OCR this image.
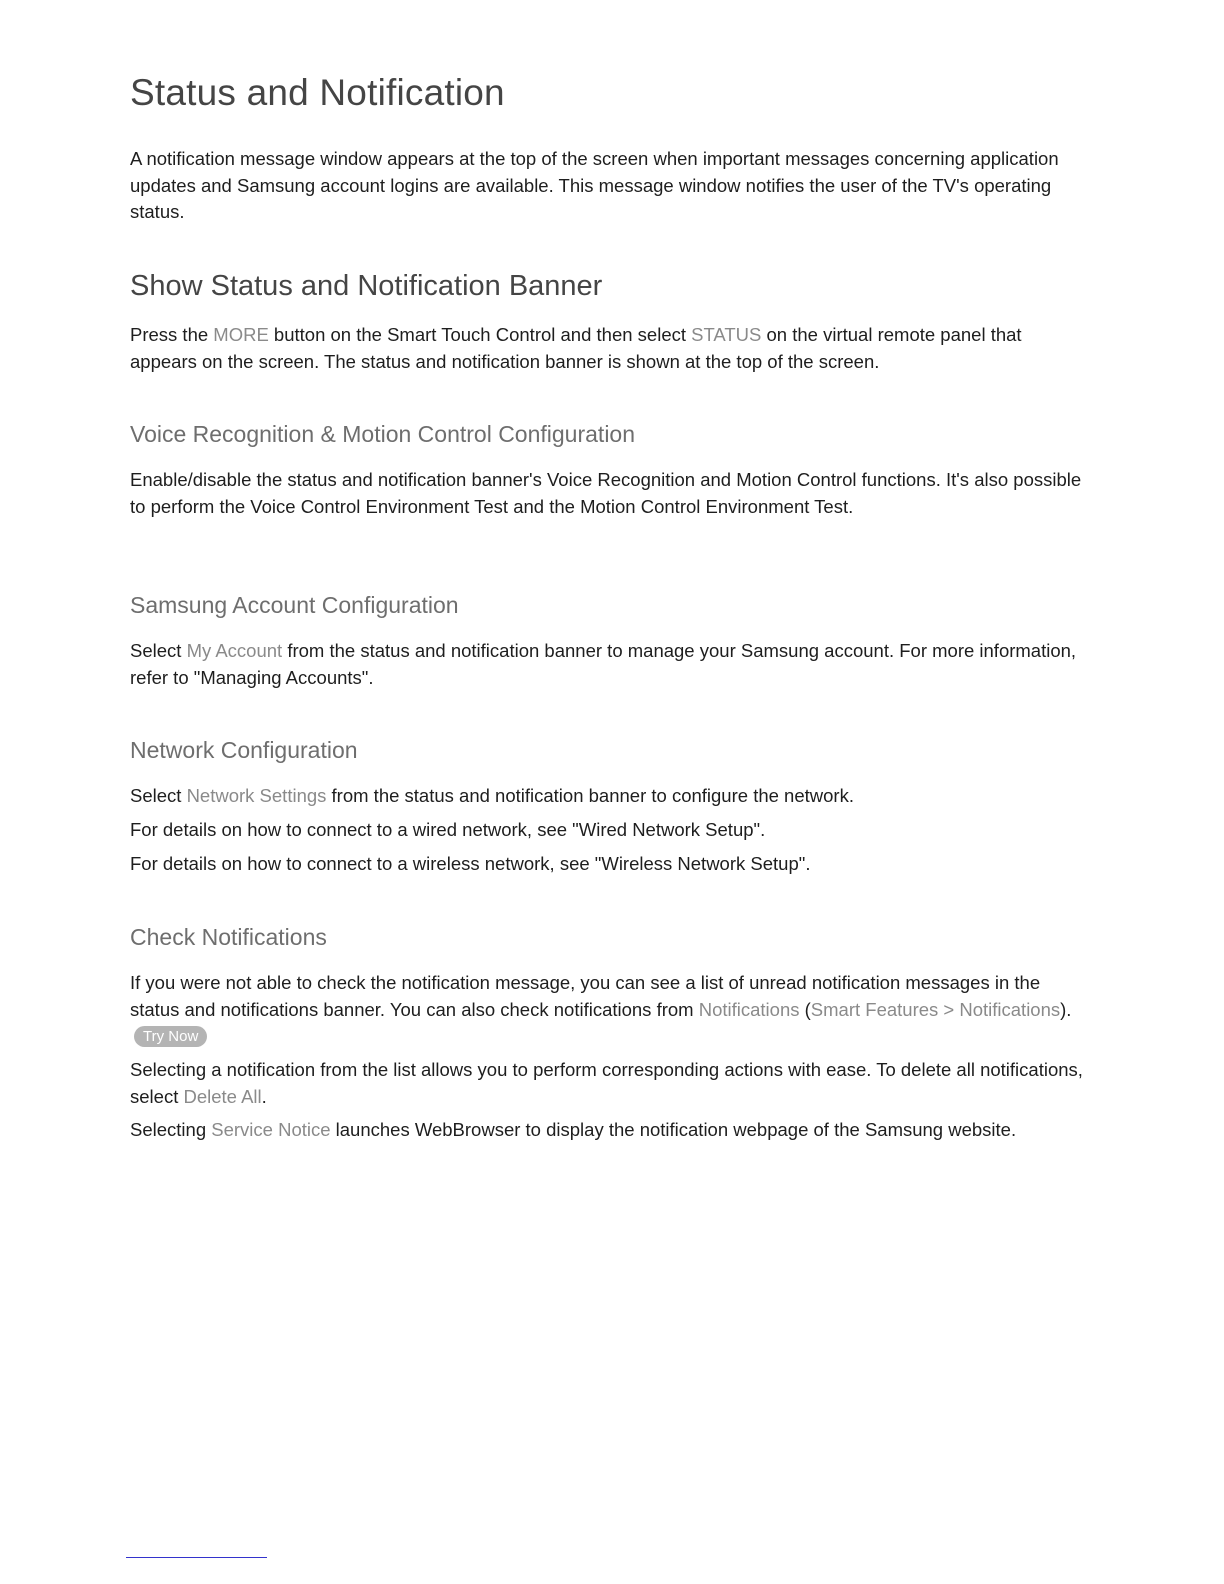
Status and Notification

A notification message window appears at the top of the screen when important messages concerning application updates and Samsung account logins are available. This message window notifies the user of the TV's operating status.

Show Status and Notification Banner

Press the MORE button on the Smart Touch Control and then select STATUS on the virtual remote panel that appears on the screen. The status and notification banner is shown at the top of the screen.

Voice Recognition & Motion Control Configuration

Enable/disable the status and notification banner's Voice Recognition and Motion Control functions. It's also possible to perform the Voice Control Environment Test and the Motion Control Environment Test.

Samsung Account Configuration

Select My Account from the status and notification banner to manage your Samsung account. For more information, refer to "Managing Accounts".

Network Configuration

Select Network Settings from the status and notification banner to configure the network.

For details on how to connect to a wired network, see "Wired Network Setup".

For details on how to connect to a wireless network, see "Wireless Network Setup".

Check Notifications

If you were not able to check the notification message, you can see a list of unread notification messages in the status and notifications banner. You can also check notifications from Notifications (Smart Features > Notifications).Try Now

Selecting a notification from the list allows you to perform corresponding actions with ease. To delete all notifications, select Delete All.

Selecting Service Notice launches WebBrowser to display the notification webpage of the Samsung website.
